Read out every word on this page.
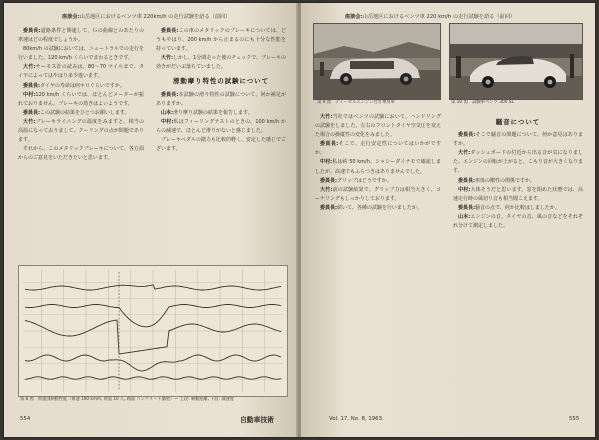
座談会:山岳地区におけるベンツ車 220km/h の走行試験を語る（前回）
委員長:道路条件と関連して、Ｇの曲線とのあたりの車速はどの程度でしょうか。
80km/h の試験においては、ニュートラルでの走行を行いました。120 km/h くらいでまわるときです。
大竹:サーモス計の読みは、80〜70 マイルまで、タイヤによってはやはり多少違います。
委員長:タイヤの寿命は何キロぐらいですか。
中村:120 km/h くらいでは、ほとんどメーターが振れておりません。ブレーキの効きはよいようです。
委員長:この試験の結果をひとつお願いします。
大竹:ブレーキライニングの温度をみますと、相当の高温になっておりまして、クーリングの点が問題であります。
それから、このメタリックブレーキについて、各方面からのご意見をいただきたいと思います。
委員長:この車のメタリックのブレーキについては、どうもやはり、200 km/h から止まるのにも十分な性能を持っています。
大竹:しかし、1分間走った後のチェックで、ブレーキの効きがだいぶ落ちていました。
滑動摩り特性の試験について
委員長:本試験の滑り特性の試験について、何か補足がありますか。
山本:滑り摩り試験の結果を報告します。
中村:私はフィーリングテストのときの、100 km/h からの減速で、ほとんど滑りがないと感じました。
ブレーキペダルの踏力も比較的軽く、安定した感じでございます。
第 8 図　荷重別制動性能（車速 100 km/h, 荷重 10 人, 路面 コンクリート舗装）— 上段: 制動距離, 下段: 減速度
554	自動車技術
座談会:山岳地区におけるベンツ車 220 km/h の走行試験を語る（前回）
第 9 図　ディーゼルエンジン付き乗用車	第 10 図　試験車ベンツ 300 SL
大竹:当社ではベンツの試験において、ハンドリングの試験をしました。左右のフロントタイヤ空気圧を変えた場合の操縦性の変化をみました。
委員長:そこで、走行安定性についてはいかがですか。
中村:私は約 50 km/h、シャシーダイナモで確認しましたが、高速でもふらつきはありませんでした。
委員長:グリップはどうですか。
大竹:前の試験結果で、グリップ力は相当大きく、コーナリングもしっかりしております。
委員長:続いて、各種の試験を行いましたか。
騒音について
委員長:そこで騒音の問題について、何か意見はありますか。
大竹:ダッシュボードの付近から出る音が気になりました。エンジンの回転が上がると、こもり音が大きくなります。
委員長:車体の剛性の関係ですか。
中村:大体そうだと思います。窓を閉めた状態では、高速走行時の風切り音も相当聞こえます。
委員長:騒音の点で、何か比較はしましたか。
山本:エンジンの音、タイヤの音、風の音などをそれぞれ分けて測定しました。
Vol. 17, No. 8, 1963.	555
